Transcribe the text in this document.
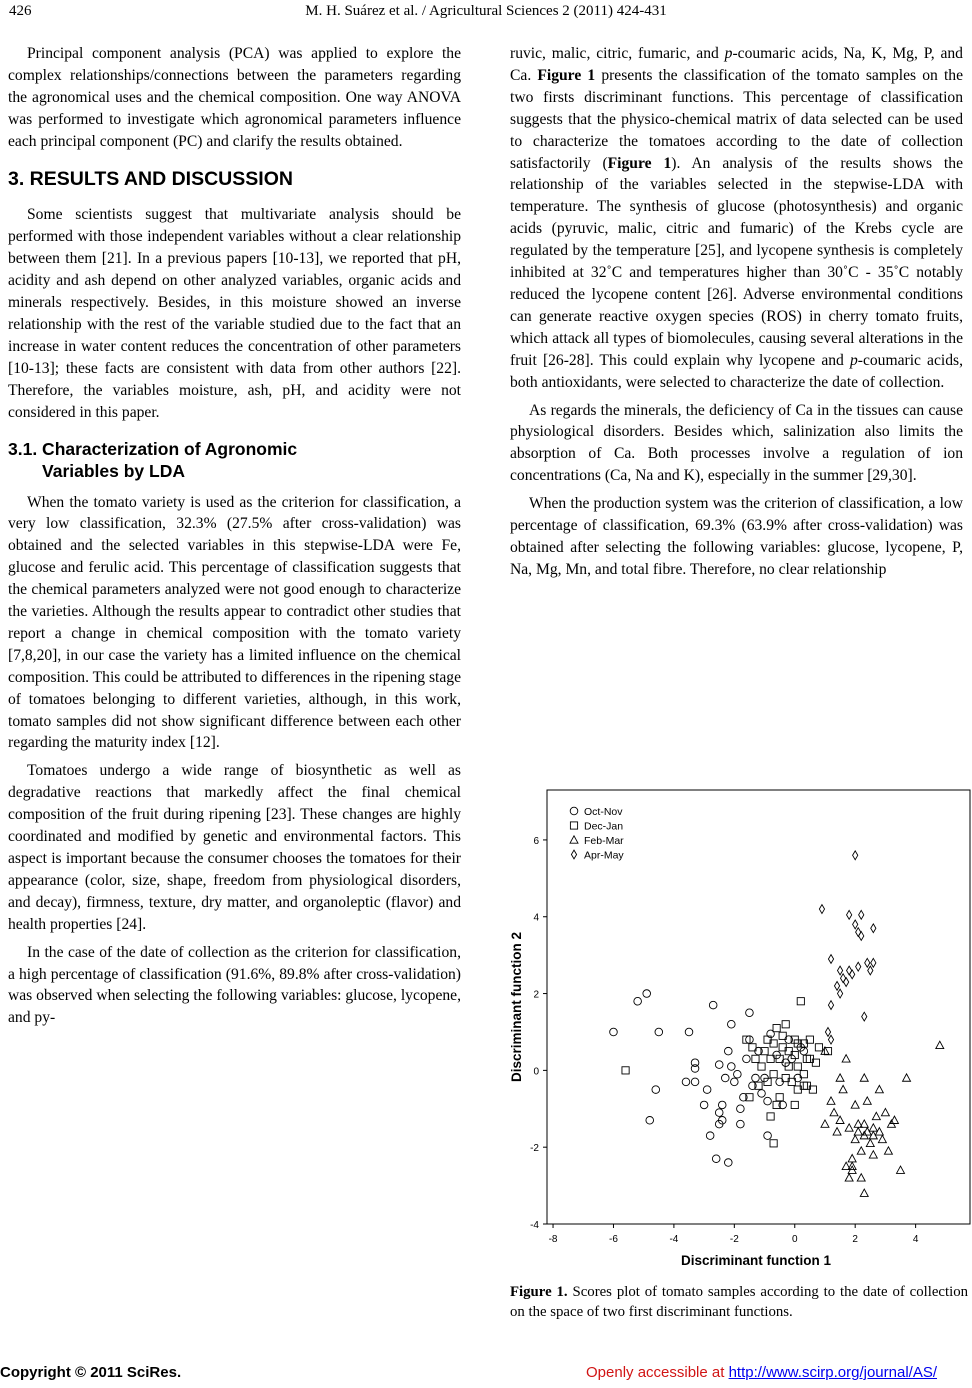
426	M. H. Suárez et al. / Agricultural Sciences 2 (2011) 424-431

Principal component analysis (PCA) was applied to explore the complex relationships/connections between the parameters regarding the agronomical uses and the chemical composition. One way ANOVA was performed to investigate which agronomical parameters influence each principal component (PC) and clarify the results obtained.

3. RESULTS AND DISCUSSION

Some scientists suggest that multivariate analysis should be performed with those independent variables without a clear relationship between them [21]. In a previous papers [10-13], we reported that pH, acidity and ash depend on other analyzed variables, organic acids and minerals respectively. Besides, in this moisture showed an inverse relationship with the rest of the variable studied due to the fact that an increase in water content reduces the concentration of other parameters [10-13]; these facts are consistent with data from other authors [22]. Therefore, the variables moisture, ash, pH, and acidity were not considered in this paper.

3.1. Characterization of Agronomic
Variables by LDA

When the tomato variety is used as the criterion for classification, a very low classification, 32.3% (27.5% after cross-validation) was obtained and the selected variables in this stepwise-LDA were Fe, glucose and ferulic acid. This percentage of classification suggests that the chemical parameters analyzed were not good enough to characterize the varieties. Although the results appear to contradict other studies that report a change in chemical composition with the tomato variety [7,8,20], in our case the variety has a limited influence on the chemical composition. This could be attributed to differences in the ripening stage of tomatoes belonging to different varieties, although, in this work, tomato samples did not show significant difference between each other regarding the maturity index [12].

Tomatoes undergo a wide range of biosynthetic as well as degradative reactions that markedly affect the final chemical composition of the fruit during ripening [23]. These changes are highly coordinated and modified by genetic and environmental factors. This aspect is important because the consumer chooses the tomatoes for their appearance (color, size, shape, freedom from physiological disorders, and decay), firmness, texture, dry matter, and organoleptic (flavor) and health properties [24].

In the case of the date of collection as the criterion for classification, a high percentage of classification (91.6%, 89.8% after cross-validation) was observed when selecting the following variables: glucose, lycopene, and py-

ruvic, malic, citric, fumaric, and p-coumaric acids, Na, K, Mg, P, and Ca. Figure 1 presents the classification of the tomato samples on the two firsts discriminant functions. This percentage of classification suggests that the physico-chemical matrix of data selected can be used to characterize the tomatoes according to the date of collection satisfactorily (Figure 1). An analysis of the results shows the relationship of the variables selected in the stepwise-LDA with temperature. The synthesis of glucose (photosynthesis) and organic acids (pyruvic, malic, citric and fumaric) of the Krebs cycle are regulated by the temperature [25], and lycopene synthesis is completely inhibited at 32˚C and temperatures higher than 30˚C - 35˚C notably reduced the lycopene content [26]. Adverse environmental conditions can generate reactive oxygen species (ROS) in cherry tomato fruits, which attack all types of biomolecules, causing several alterations in the fruit [26-28]. This could explain why lycopene and p-coumaric acids, both antioxidants, were selected to characterize the date of collection.

As regards the minerals, the deficiency of Ca in the tissues can cause physiological disorders. Besides which, salinization also limits the absorption of Ca. Both processes involve a regulation of ion concentrations (Ca, Na and K), especially in the summer [29,30].

When the production system was the criterion of classification, a low percentage of classification, 69.3% (63.9% after cross-validation) was obtained after selecting the following variables: glucose, lycopene, P, Na, Mg, Mn, and total fibre. Therefore, no clear relationship

-8	-6	-4	-2	0	2	4
-4
-2
0
2
4
6
Oct-Nov
Dec-Jan
Feb-Mar
Apr-May
Discriminant function 2
Discriminant function 1
Figure 1. Scores plot of tomato samples according to the date of collection on the space of two first discriminant functions.
Copyright © 2011 SciRes.	Openly accessible at http://www.scirp.org/journal/AS/
